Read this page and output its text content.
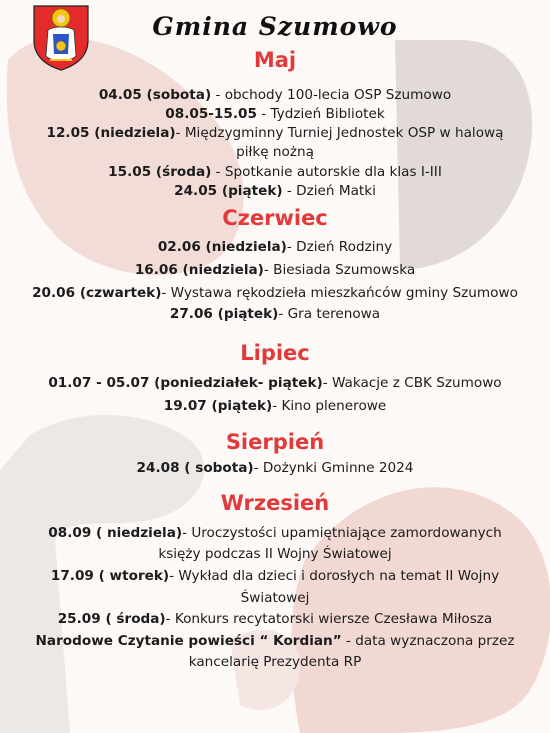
Gmina Szumowo
Maj
04.05 (sobota) - obchody 100-lecia OSP Szumowo
08.05-15.05 - Tydzień Bibliotek
12.05 (niedziela)- Międzygminny Turniej Jednostek OSP w halową
piłkę nożną
15.05 (środa) - Spotkanie autorskie dla klas I-III
24.05 (piątek) - Dzień Matki
Czerwiec
02.06 (niedziela)- Dzień Rodziny
16.06 (niedziela)- Biesiada Szumowska
20.06 (czwartek)- Wystawa rękodzieła mieszkańców gminy Szumowo
27.06 (piątek)- Gra terenowa
Lipiec
01.07 - 05.07 (poniedziałek- piątek)- Wakacje z CBK Szumowo
19.07 (piątek)- Kino plenerowe
Sierpień
24.08 ( sobota)- Dożynki Gminne 2024
Wrzesień
08.09 ( niedziela)- Uroczystości upamiętniające zamordowanych
księży podczas II Wojny Światowej
17.09 ( wtorek)- Wykład dla dzieci i dorosłych na temat II Wojny
Światowej
25.09 ( środa)- Konkurs recytatorski wiersze Czesława Miłosza
Narodowe Czytanie powieści “ Kordian” - data wyznaczona przez
kancelarię Prezydenta RP
